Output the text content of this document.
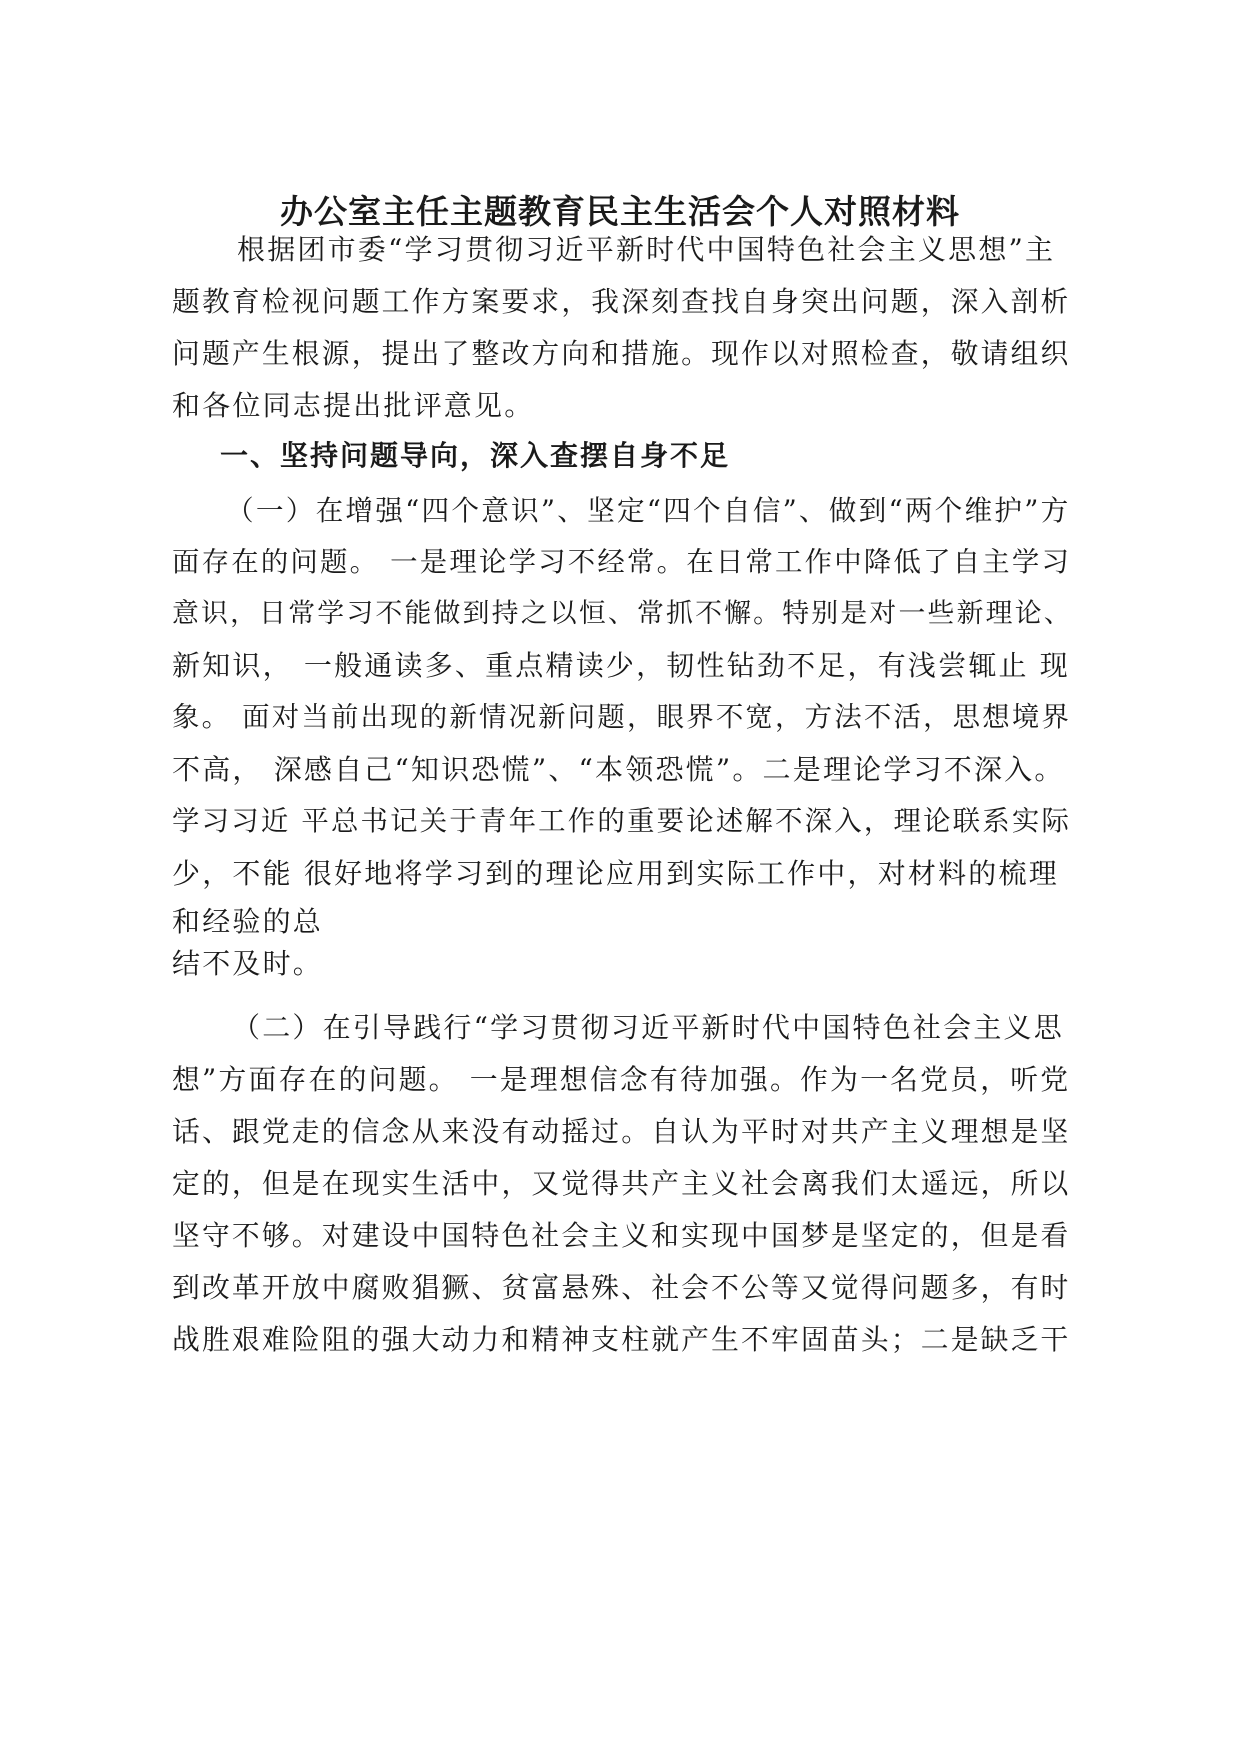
办公室主任主题教育民主生活会个人对照材料
根据团市委“学习贯彻习近平新时代中国特色社会主义思想”主
题教育检视问题工作方案要求，我深刻查找自身突出问题，深入剖析
问题产生根源，提出了整改方向和措施。现作以对照检查，敬请组织
和各位同志提出批评意见。
一、坚持问题导向，深入查摆自身不足
（一）在增强“四个意识”、坚定“四个自信”、做到“两个维护”方
面存在的问题。 一是理论学习不经常。在日常工作中降低了自主学习
意识，日常学习不能做到持之以恒、常抓不懈。特别是对一些新理论、
新知识， 一般通读多、重点精读少，韧性钻劲不足，有浅尝辄止 现
象。 面对当前出现的新情况新问题，眼界不宽，方法不活，思想境界
不高， 深感自己“知识恐慌”、“本领恐慌”。二是理论学习不深入。
学习习近 平总书记关于青年工作的重要论述解不深入，理论联系实际
少，不能 很好地将学习到的理论应用到实际工作中，对材料的梳理
和经验的总
结不及时。
（二）在引导践行“学习贯彻习近平新时代中国特色社会主义思
想”方面存在的问题。 一是理想信念有待加强。作为一名党员，听党
话、跟党走的信念从来没有动摇过。自认为平时对共产主义理想是坚
定的，但是在现实生活中，又觉得共产主义社会离我们太遥远，所以
坚守不够。对建设中国特色社会主义和实现中国梦是坚定的，但是看
到改革开放中腐败猖獗、贫富悬殊、社会不公等又觉得问题多，有时
战胜艰难险阻的强大动力和精神支柱就产生不牢固苗头；二是缺乏干
